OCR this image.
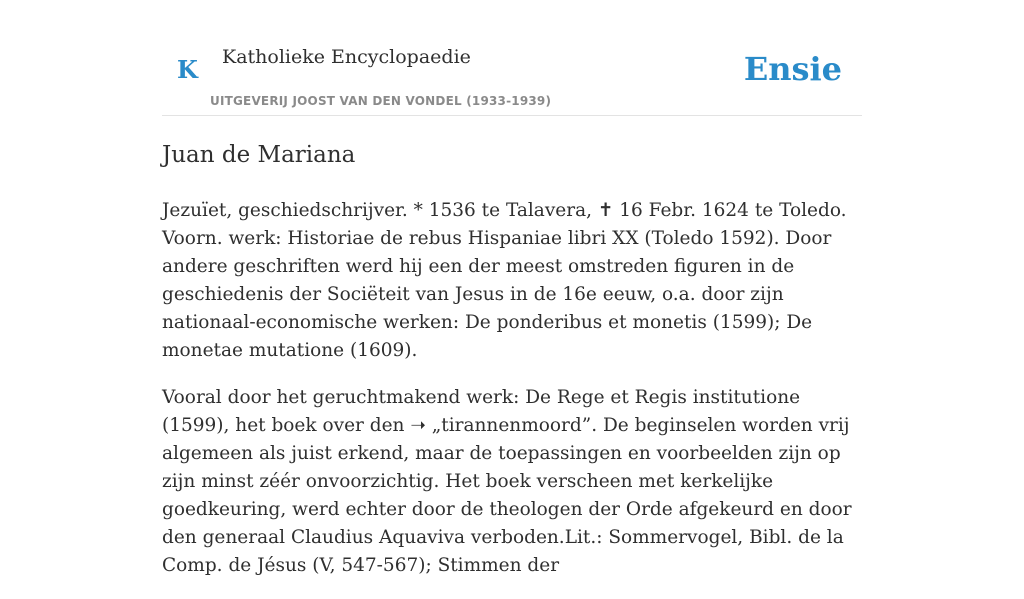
K Katholieke Encyclopaedie
UITGEVERIJ JOOST VAN DEN VONDEL (1933-1939)
Ensie
Juan de Mariana

Jezuïet, geschiedschrijver. * 1536 te Talavera, ✝ 16 Febr. 1624 te Toledo. Voorn. werk: Historiae de rebus Hispaniae libri XX (Toledo 1592). Door andere geschriften werd hij een der meest omstreden figuren in de geschiedenis der Sociëteit van Jesus in de 16e eeuw, o.a. door zijn nationaal-economische werken: De ponderibus et monetis (1599); De monetae mutatione (1609).

Vooral door het geruchtmakend werk: De Rege et Regis institutione (1599), het boek over den ➝ „tirannenmoord”. De beginselen worden vrij algemeen als juist erkend, maar de toepassingen en voorbeelden zijn op zijn minst zéér onvoorzichtig. Het boek verscheen met kerkelijke goedkeuring, werd echter door de theologen der Orde afgekeurd en door den generaal Claudius Aquaviva verboden.Lit.: Sommervogel, Bibl. de la Comp. de Jésus (V, 547-567); Stimmen der
